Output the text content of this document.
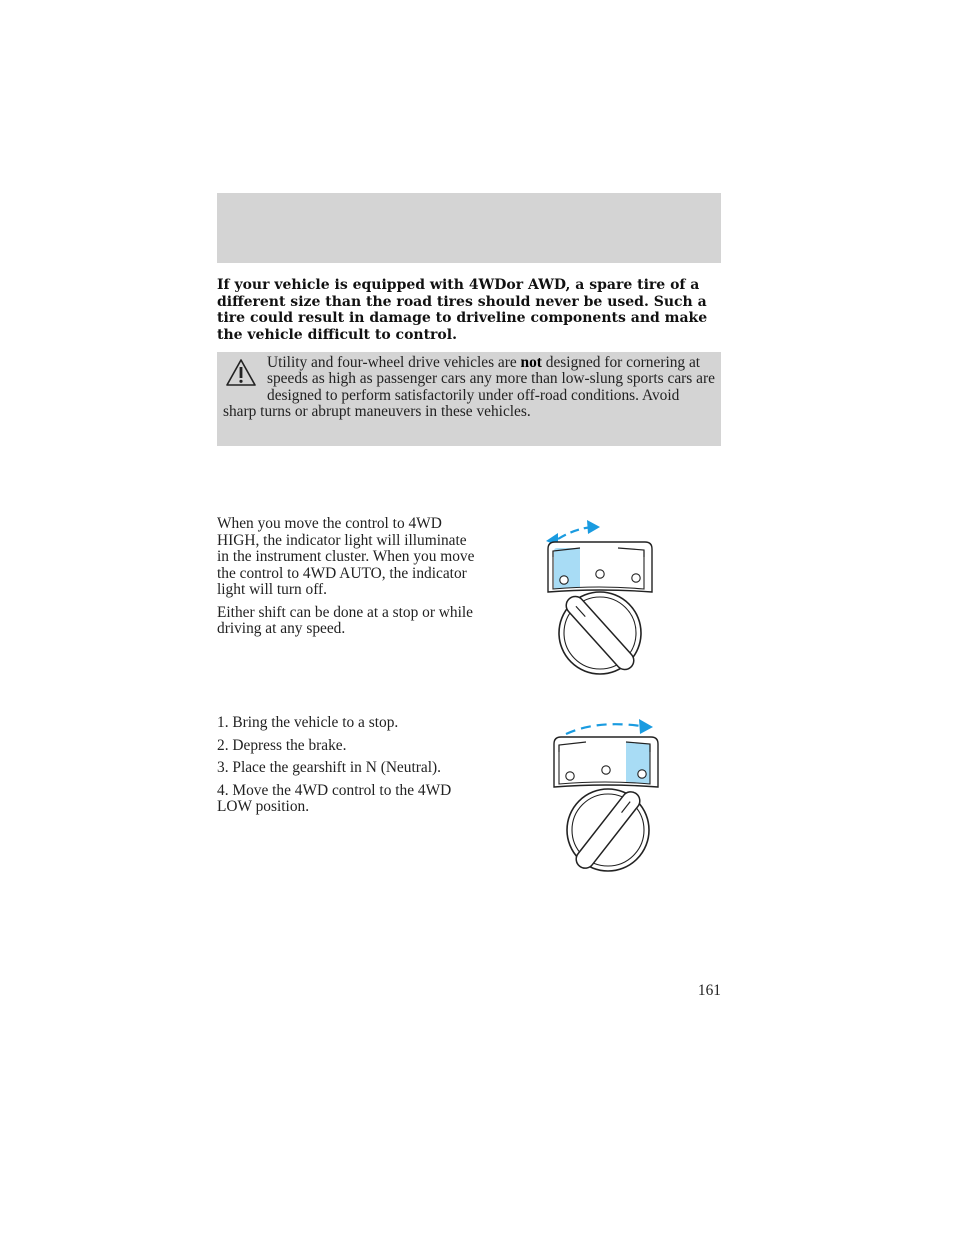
If your vehicle is equipped with 4WDor AWD, a spare tire of a different size than the road tires should never be used. Such a tire could result in damage to driveline components and make the vehicle difficult to control.

Utility and four-wheel drive vehicles are not designed for cornering at speeds as high as passenger cars any more than low-slung sports cars are designed to perform satisfactorily under off-road conditions. Avoid sharp turns or abrupt maneuvers in these vehicles.

When you move the control to 4WD HIGH, the indicator light will illuminate in the instrument cluster. When you move the control to 4WD AUTO, the indicator light will turn off.

Either shift can be done at a stop or while driving at any speed.

1. Bring the vehicle to a stop.

2. Depress the brake.

3. Place the gearshift in N (Neutral).

4. Move the 4WD control to the 4WD LOW position.

161
